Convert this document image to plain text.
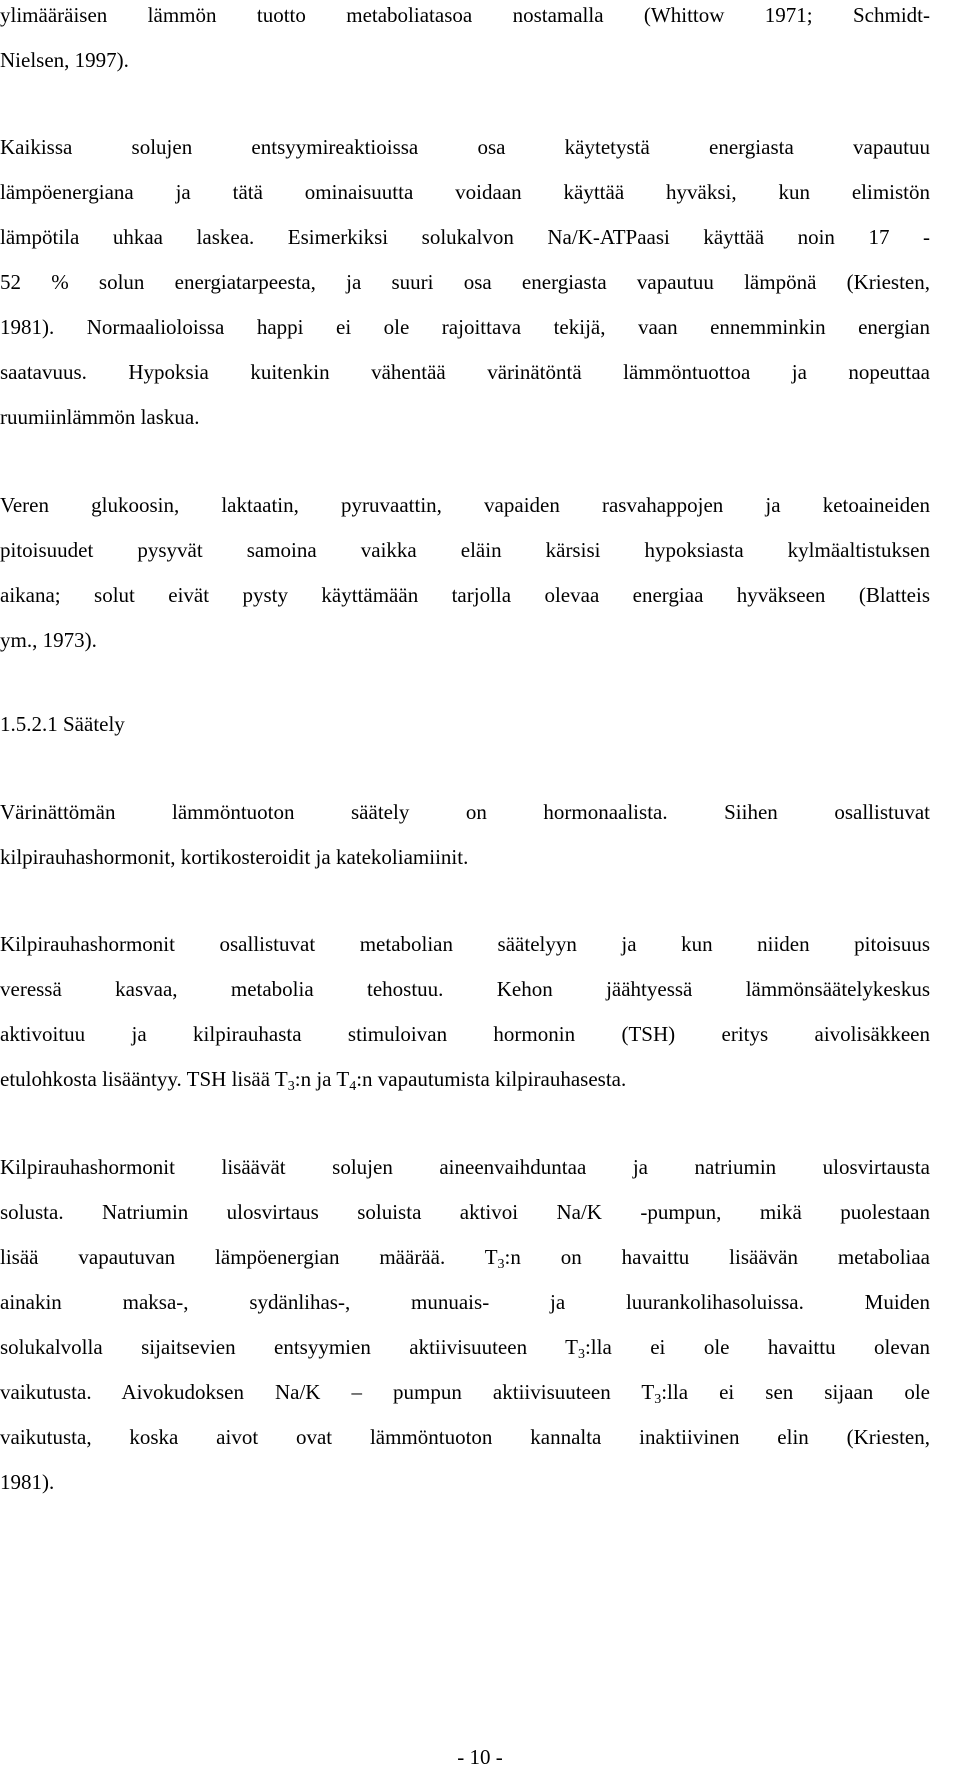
ylimääräisen lämmön tuotto metaboliatasoa nostamalla (Whittow 1971; Schmidt-
Nielsen, 1997).
Kaikissa solujen entsyymireaktioissa osa käytetystä energiasta vapautuu
lämpöenergiana ja tätä ominaisuutta voidaan käyttää hyväksi, kun elimistön
lämpötila uhkaa laskea. Esimerkiksi solukalvon Na/K-ATPaasi käyttää noin 17 -
52 % solun energiatarpeesta, ja suuri osa energiasta vapautuu lämpönä (Kriesten,
1981). Normaalioloissa happi ei ole rajoittava tekijä, vaan ennemminkin energian
saatavuus. Hypoksia kuitenkin vähentää värinätöntä lämmöntuottoa ja nopeuttaa
ruumiinlämmön laskua.
Veren glukoosin, laktaatin, pyruvaattin, vapaiden rasvahappojen ja ketoaineiden
pitoisuudet pysyvät samoina vaikka eläin kärsisi hypoksiasta kylmäaltistuksen
aikana; solut eivät pysty käyttämään tarjolla olevaa energiaa hyväkseen (Blatteis
ym., 1973).
1.5.2.1 Säätely
Värinättömän lämmöntuoton säätely on hormonaalista. Siihen osallistuvat
kilpirauhashormonit, kortikosteroidit ja katekoliamiinit.
Kilpirauhashormonit osallistuvat metabolian säätelyyn ja kun niiden pitoisuus
veressä kasvaa, metabolia tehostuu. Kehon jäähtyessä lämmönsäätelykeskus
aktivoituu ja kilpirauhasta stimuloivan hormonin (TSH) eritys aivolisäkkeen
etulohkosta lisääntyy. TSH lisää $T_3:n$ ja $T_4:n$ vapautumista kilpirauhasesta.
Kilpirauhashormonit lisäävät solujen aineenvaihduntaa ja natriumin ulosvirtausta
solusta. Natriumin ulosvirtaus soluista aktivoi Na/K -pumpun, mikä puolestaan
lisää vapautuvan lämpöenergian määrää. $T_3:n$ on havaittu lisäävän metaboliaa
ainakin maksa-, sydänlihas-, munuais- ja luurankolihasoluissa. Muiden
solukalvolla sijaitsevien entsyymien aktiivisuuteen $T_3:lla$ ei ole havaittu olevan
vaikutusta. Aivokudoksen Na/K – pumpun aktiivisuuteen $T_3:lla$ ei sen sijaan ole
vaikutusta, koska aivot ovat lämmöntuoton kannalta inaktiivinen elin (Kriesten,
1981).
- 10 -
